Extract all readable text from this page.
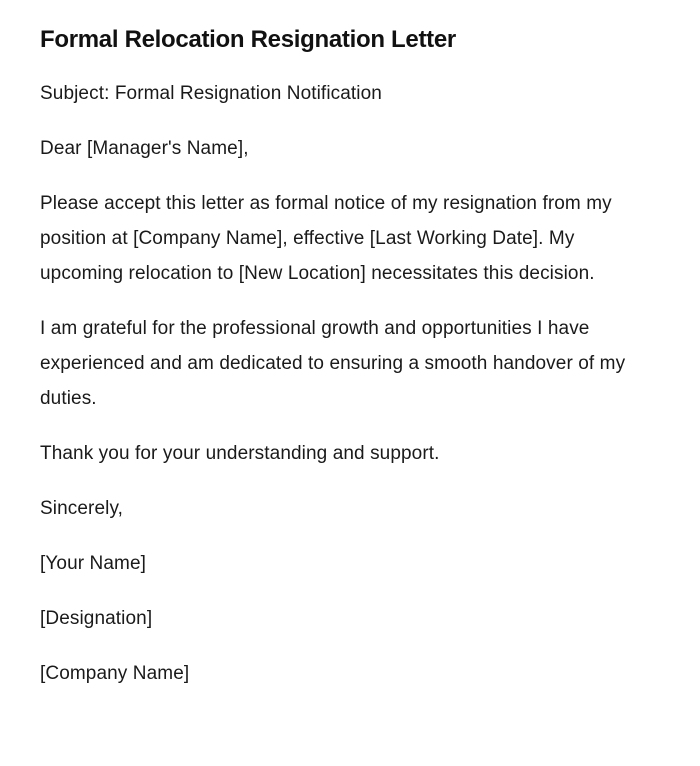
Formal Relocation Resignation Letter

Subject: Formal Resignation Notification

Dear [Manager's Name],

Please accept this letter as formal notice of my resignation from my position at [Company Name], effective [Last Working Date]. My upcoming relocation to [New Location] necessitates this decision.

I am grateful for the professional growth and opportunities I have experienced and am dedicated to ensuring a smooth handover of my duties.

Thank you for your understanding and support.

Sincerely,

[Your Name]

[Designation]

[Company Name]
